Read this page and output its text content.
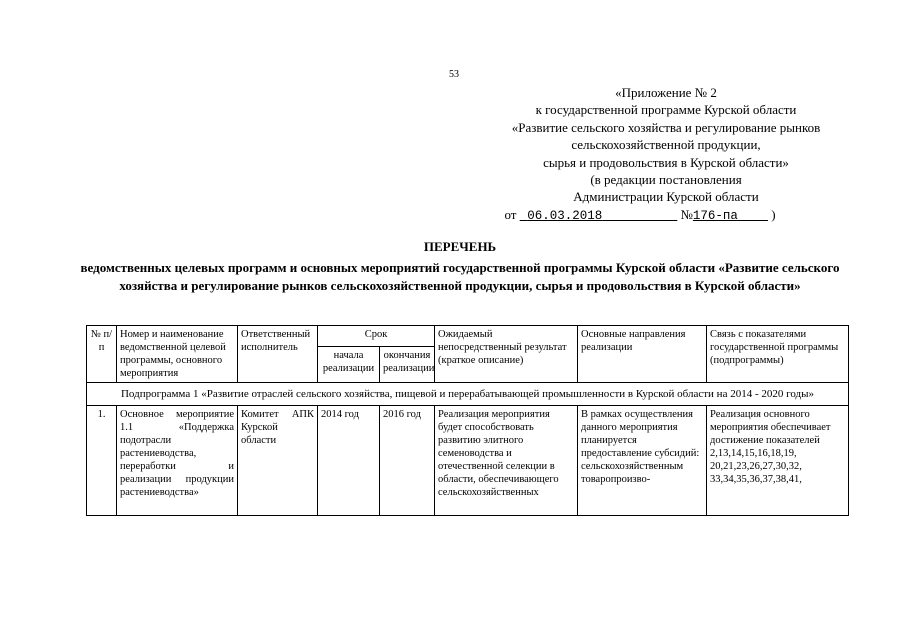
53
«Приложение № 2
к государственной программе Курской области
«Развитие сельского хозяйства и регулирование рынков
сельскохозяйственной продукции,
сырья и продовольствия в Курской области»
(в редакции постановления
Администрации Курской области
от 06.03.2018	№176-па	)
ПЕРЕЧЕНЬ
ведомственных целевых программ и основных мероприятий государственной программы Курской области «Развитие сельского хозяйства и регулирование рынков сельскохозяйственной продукции, сырья и продовольствия в Курской области»
№ п/п	Номер и наименование ведомственной целевой программы, основного мероприятия	Ответственный исполнитель	Срок		Ожидаемый непосредственный результат (краткое описание)	Основные направления реализации	Связь с показателями государственной программы (подпрограммы)
			начала реализации	окончания реализации			
Подпрограмма 1 «Развитие отраслей сельского хозяйства, пищевой и перерабатывающей промышленности в Курской области на 2014 - 2020 годы»							
1.	Основное мероприятие 1.1 «Поддержка подотрасли растениеводства, переработки и реализации продукции растениеводства»	Комитет АПК Курской области	2014 год	2016 год	Реализация мероприятия будет способствовать развитию элитного семеноводства и отечественной селекции в области, обеспечивающего сельскохозяйственных	В рамках осуществления данного мероприятия планируется предоставление субсидий: сельскохозяйственным товаропроизво-	Реализация основного мероприятия обеспечивает достижение показателей 2,13,14,15,16,18,19, 20,21,23,26,27,30,32, 33,34,35,36,37,38,41,
